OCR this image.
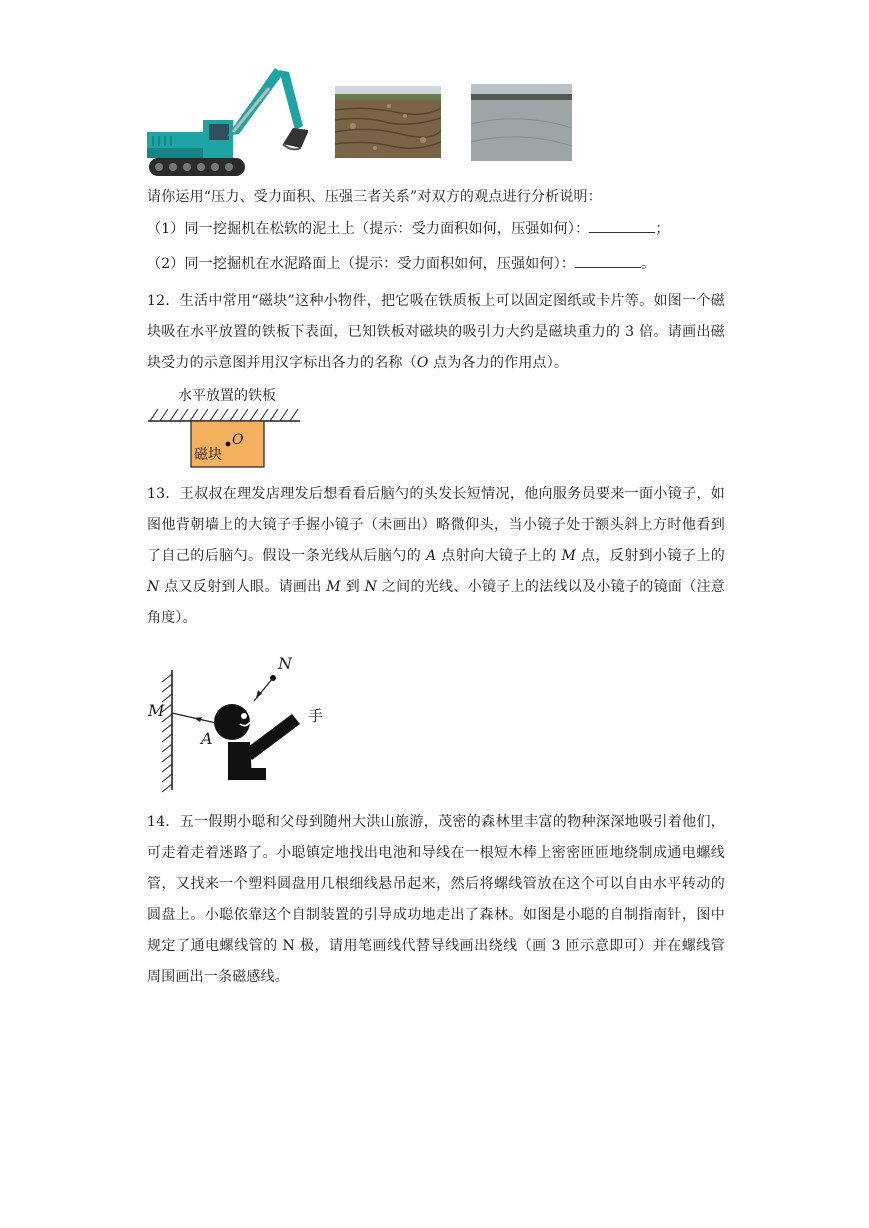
请你运用“压力、受力面积、压强三者关系”对双方的观点进行分析说明：

（1）同一挖掘机在松软的泥土上（提示：受力面积如何，压强如何）：	；

（2）同一挖掘机在水泥路面上（提示：受力面积如何，压强如何）：	。

12．生活中常用“磁块”这种小物件，把它吸在铁质板上可以固定图纸或卡片等。如图一个磁块吸在水平放置的铁板下表面，已知铁板对磁块的吸引力大约是磁块重力的 3 倍。请画出磁块受力的示意图并用汉字标出各力的名称（O 点为各力的作用点）。

水平放置的铁板
磁块
O

13．王叔叔在理发店理发后想看看后脑勺的头发长短情况，他向服务员要来一面小镜子，如图他背朝墙上的大镜子手握小镜子（未画出）略微仰头，当小镜子处于额头斜上方时他看到了自己的后脑勺。假设一条光线从后脑勺的 A 点射向大镜子上的 M 点，反射到小镜子上的 N 点又反射到人眼。请画出 M 到 N 之间的光线、小镜子上的法线以及小镜子的镜面（注意角度）。

M
A
N
手

14．五一假期小聪和父母到随州大洪山旅游，茂密的森林里丰富的物种深深地吸引着他们，可走着走着迷路了。小聪镇定地找出电池和导线在一根短木棒上密密匝匝地绕制成通电螺线管，又找来一个塑料圆盘用几根细线悬吊起来，然后将螺线管放在这个可以自由水平转动的圆盘上。小聪依靠这个自制装置的引导成功地走出了森林。如图是小聪的自制指南针，图中规定了通电螺线管的 N 极，请用笔画线代替导线画出绕线（画 3 匝示意即可）并在螺线管周围画出一条磁感线。
